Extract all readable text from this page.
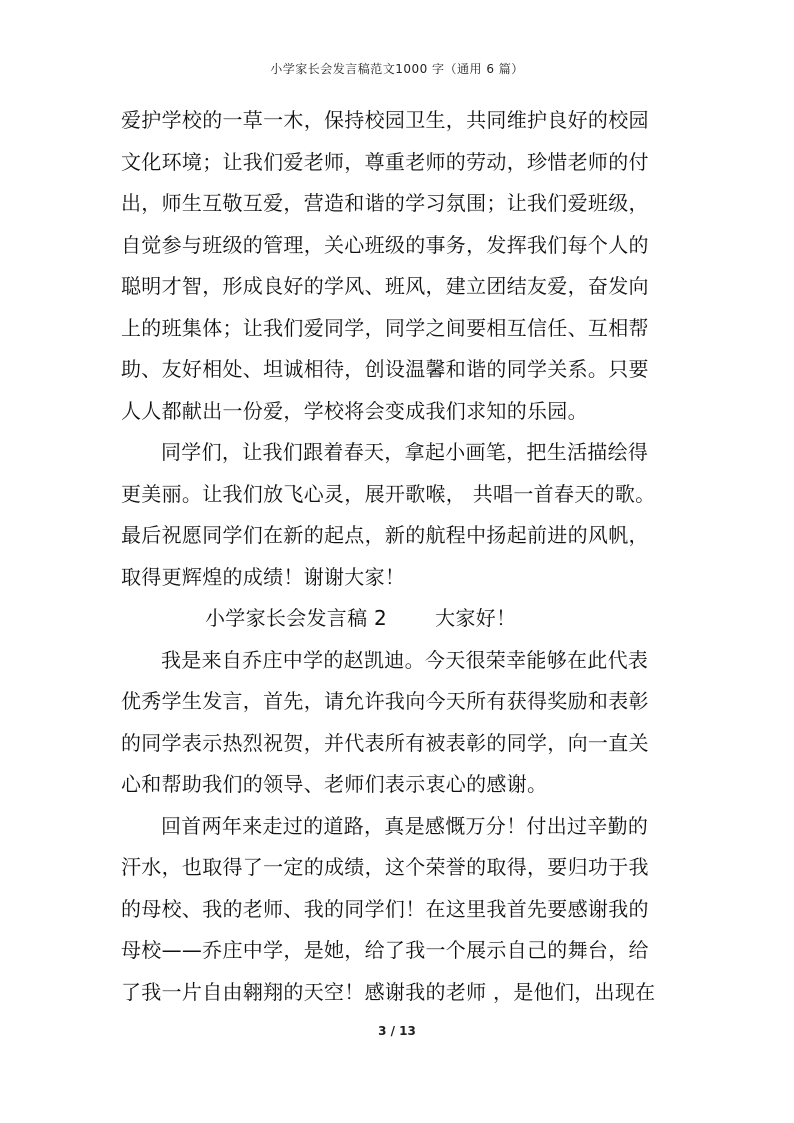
小学家长会发言稿范文1000 字（通用 6 篇）
爱护学校的一草一木，保持校园卫生，共同维护良好的校园
文化环境；让我们爱老师，尊重老师的劳动，珍惜老师的付
出，师生互敬互爱，营造和谐的学习氛围；让我们爱班级，
自觉参与班级的管理，关心班级的事务，发挥我们每个人的
聪明才智，形成良好的学风、班风，建立团结友爱，奋发向
上的班集体；让我们爱同学，同学之间要相互信任、互相帮
助、友好相处、坦诚相待，创设温馨和谐的同学关系。只要
人人都献出一份爱，学校将会变成我们求知的乐园。
同学们，让我们跟着春天，拿起小画笔，把生活描绘得
更美丽。让我们放飞心灵，展开歌喉， 共唱一首春天的歌。
最后祝愿同学们在新的起点，新的航程中扬起前进的风帆，
取得更辉煌的成绩！谢谢大家！
小学家长会发言稿 2 大家好！
我是来自乔庄中学的赵凯迪。今天很荣幸能够在此代表
优秀学生发言，首先，请允许我向今天所有获得奖励和表彰
的同学表示热烈祝贺，并代表所有被表彰的同学，向一直关
心和帮助我们的领导、老师们表示衷心的感谢。
回首两年来走过的道路，真是感慨万分！付出过辛勤的
汗水，也取得了一定的成绩，这个荣誉的取得，要归功于我
的母校、我的老师、我的同学们！在这里我首先要感谢我的
母校——乔庄中学，是她，给了我一个展示自己的舞台，给
了我一片自由翱翔的天空！感谢我的老师 ，是他们，出现在
3 / 13
